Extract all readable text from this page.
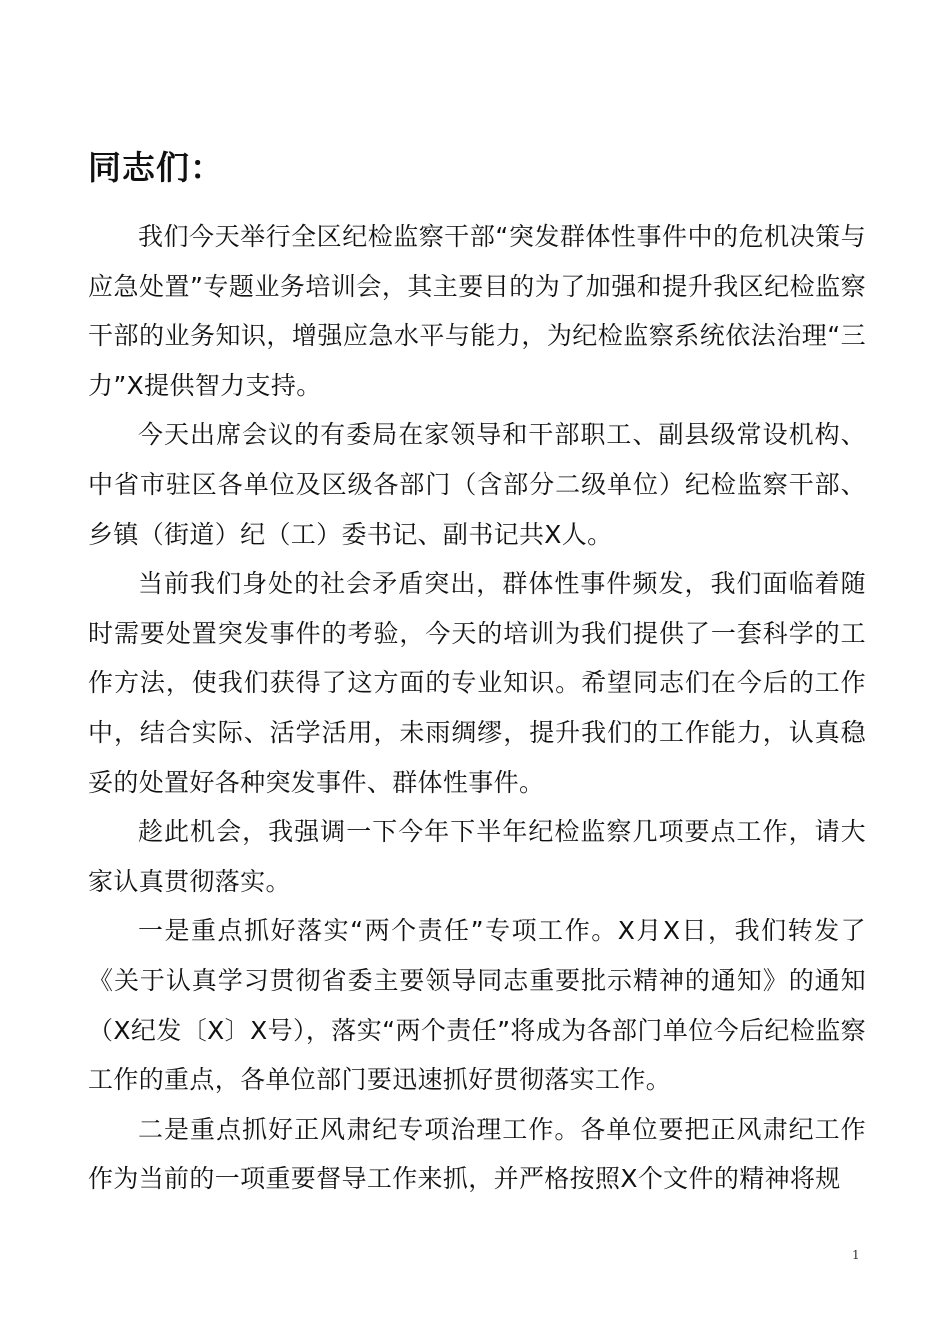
同志们：

我们今天举行全区纪检监察干部“突发群体性事件中的危机决策与应急处置”专题业务培训会，其主要目的为了加强和提升我区纪检监察干部的业务知识，增强应急水平与能力，为纪检监察系统依法治理“三力”X提供智力支持。

今天出席会议的有委局在家领导和干部职工、副县级常设机构、中省市驻区各单位及区级各部门（含部分二级单位）纪检监察干部、乡镇（街道）纪（工）委书记、副书记共X人。

当前我们身处的社会矛盾突出，群体性事件频发，我们面临着随时需要处置突发事件的考验，今天的培训为我们提供了一套科学的工作方法，使我们获得了这方面的专业知识。希望同志们在今后的工作中，结合实际、活学活用，未雨绸缪，提升我们的工作能力，认真稳妥的处置好各种突发事件、群体性事件。

趁此机会，我强调一下今年下半年纪检监察几项要点工作，请大家认真贯彻落实。

一是重点抓好落实“两个责任”专项工作。X月X日，我们转发了《关于认真学习贯彻省委主要领导同志重要批示精神的通知》的通知（X纪发〔X〕X号），落实“两个责任”将成为各部门单位今后纪检监察工作的重点，各单位部门要迅速抓好贯彻落实工作。

二是重点抓好正风肃纪专项治理工作。各单位要把正风肃纪工作作为当前的一项重要督导工作来抓，并严格按照X个文件的精神将规

1
